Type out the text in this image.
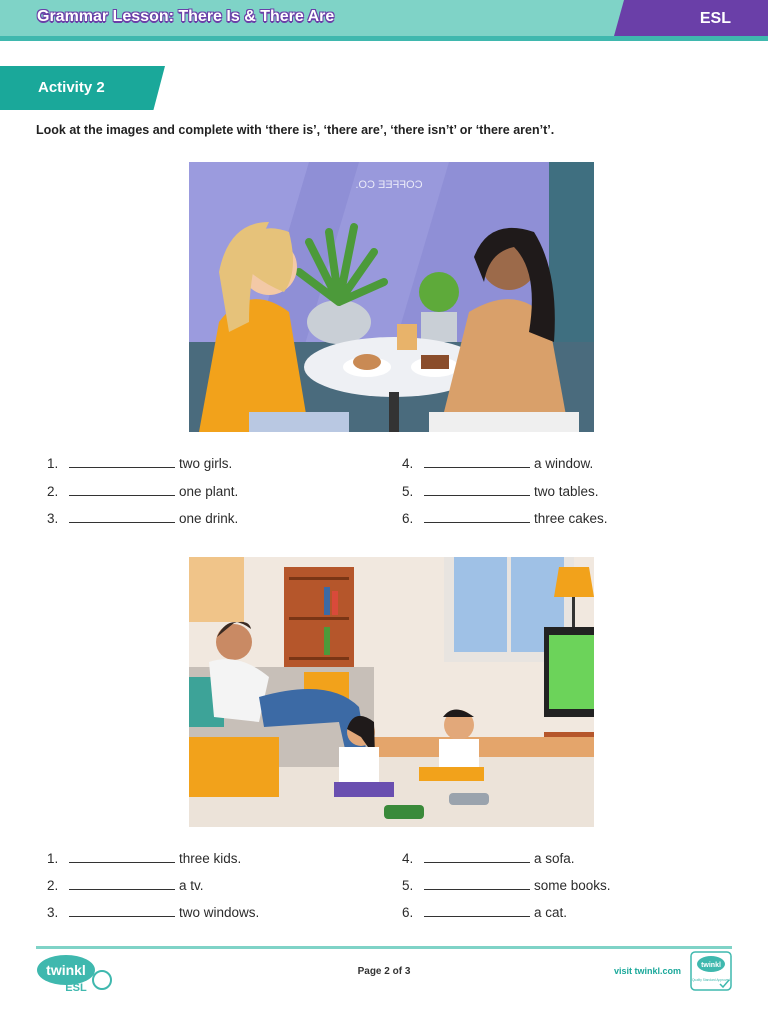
Grammar Lesson: There Is & There Are	ESL
Activity 2
Look at the images and complete with ‘there is’, ‘there are’, ‘there isn’t’ or ‘there aren’t’.
COFFEE CO.
1.	two girls.
2.	one plant.
3.	one drink.
4.	a window.
5.	two tables.
6.	three cakes.
1.	three kids.
2.	a tv.
3.	two windows.
4.	a sofa.
5.	some books.
6.	a cat.
twinkl
ESL
Page 2 of 3	visit twinkl.com
twinkl
Quality Standard Approved
